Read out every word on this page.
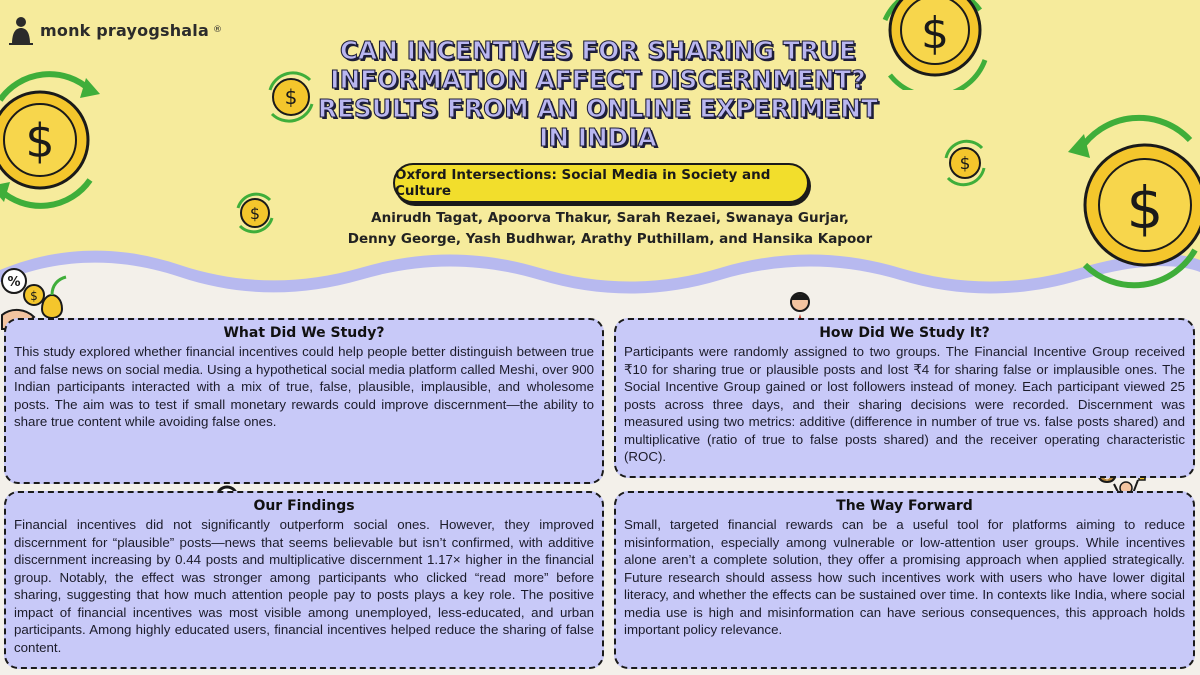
monk prayogshala ®
CAN INCENTIVES FOR SHARING TRUE INFORMATION AFFECT DISCERNMENT? RESULTS FROM AN ONLINE EXPERIMENT IN INDIA
Oxford Intersections: Social Media in Society and Culture
Anirudh Tagat, Apoorva Thakur, Sarah Rezaei, Swanaya Gurjar,
Denny George, Yash Budhwar, Arathy Puthillam, and Hansika Kapoor
$
$
$
$
$
$
%
$
What Did We Study?

This study explored whether financial incentives could help people better distinguish between true and false news on social media. Using a hypothetical social media platform called Meshi, over 900 Indian participants interacted with a mix of true, false, plausible, implausible, and wholesome posts. The aim was to test if small monetary rewards could improve discernment—the ability to share true content while avoiding false ones.

How Did We Study It?

Participants were randomly assigned to two groups. The Financial Incentive Group received ₹10 for sharing true or plausible posts and lost ₹4 for sharing false or implausible ones. The Social Incentive Group gained or lost followers instead of money. Each participant viewed 25 posts across three days, and their sharing decisions were recorded. Discernment was measured using two metrics: additive (difference in number of true vs. false posts shared) and multiplicative (ratio of true to false posts shared) and the receiver operating characteristic (ROC).

Our Findings

Financial incentives did not significantly outperform social ones. However, they improved discernment for “plausible” posts—news that seems believable but isn’t confirmed, with additive discernment increasing by 0.44 posts and multiplicative discernment 1.17× higher in the financial group. Notably, the effect was stronger among participants who clicked “read more” before sharing, suggesting that how much attention people pay to posts plays a key role. The positive impact of financial incentives was most visible among unemployed, less-educated, and urban participants. Among highly educated users, financial incentives helped reduce the sharing of false content.

The Way Forward

Small, targeted financial rewards can be a useful tool for platforms aiming to reduce misinformation, especially among vulnerable or low-attention user groups. While incentives alone aren’t a complete solution, they offer a promising approach when applied strategically. Future research should assess how such incentives work with users who have lower digital literacy, and whether the effects can be sustained over time. In contexts like India, where social media use is high and misinformation can have serious consequences, this approach holds important policy relevance.
